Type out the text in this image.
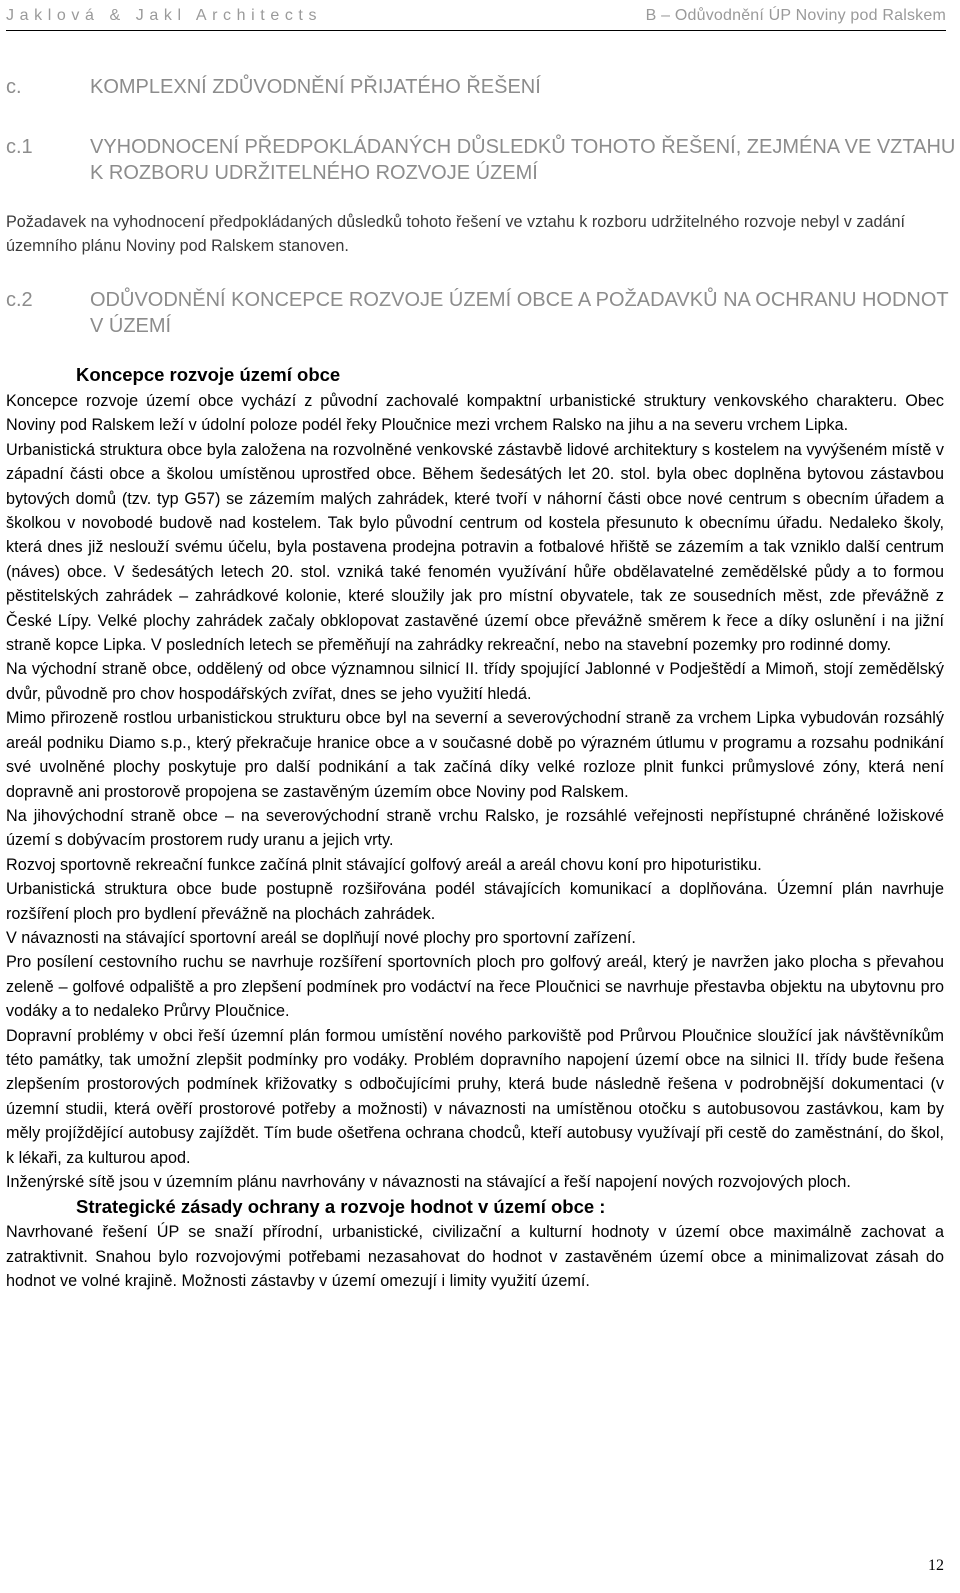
Jaklová & Jakl Architects	B – Odůvodnění ÚP Noviny pod Ralskem
c.	KOMPLEXNÍ ZDŮVODNĚNÍ PŘIJATÉHO ŘEŠENÍ
c.1	VYHODNOCENÍ PŘEDPOKLÁDANÝCH DŮSLEDKŮ TOHOTO ŘEŠENÍ, ZEJMÉNA VE VZTAHU K ROZBORU UDRŽITELNÉHO ROZVOJE ÚZEMÍ
Požadavek na vyhodnocení předpokládaných důsledků tohoto řešení ve vztahu k rozboru udržitelného rozvoje nebyl v zadání územního plánu Noviny pod Ralskem stanoven.
c.2	ODŮVODNĚNÍ KONCEPCE ROZVOJE ÚZEMÍ OBCE A POŽADAVKŮ NA OCHRANU HODNOT V ÚZEMÍ
Koncepce rozvoje území obce

Koncepce rozvoje území obce vychází z původní zachovalé kompaktní urbanistické struktury venkovského charakteru. Obec Noviny pod Ralskem leží v údolní poloze podél řeky Ploučnice mezi vrchem Ralsko na jihu a na severu vrchem Lipka.

Urbanistická struktura obce byla založena na rozvolněné venkovské zástavbě lidové architektury s kostelem na vyvýšeném místě v západní části obce a školou umístěnou uprostřed obce. Během šedesátých let 20. stol. byla obec doplněna bytovou zástavbou bytových domů (tzv. typ G57) se zázemím malých zahrádek, které tvoří v náhorní části obce nové centrum s obecním úřadem a školkou v novobodé budově nad kostelem. Tak bylo původní centrum od kostela přesunuto k obecnímu úřadu. Nedaleko školy, která dnes již neslouží svému účelu, byla postavena prodejna potravin a fotbalové hřiště se zázemím a tak vzniklo další centrum (náves) obce. V šedesátých letech 20. stol. vzniká také fenomén využívání hůře obdělavatelné zemědělské půdy a to formou pěstitelských zahrádek – zahrádkové kolonie, které sloužily jak pro místní obyvatele, tak ze sousedních měst, zde převážně z České Lípy. Velké plochy zahrádek začaly obklopovat zastavěné území obce převážně směrem k řece a díky oslunění i na jižní straně kopce Lipka. V posledních letech se přeměňují na zahrádky rekreační, nebo na stavební pozemky pro rodinné domy.

Na východní straně obce, oddělený od obce významnou silnicí II. třídy spojující Jablonné v Podještědí a Mimoň, stojí zemědělský dvůr, původně pro chov hospodářských zvířat, dnes se jeho využití hledá.

Mimo přirozeně rostlou urbanistickou strukturu obce byl na severní a severovýchodní straně za vrchem Lipka vybudován rozsáhlý areál podniku Diamo s.p., který překračuje hranice obce a v současné době po výrazném útlumu v programu a rozsahu podnikání své uvolněné plochy poskytuje pro další podnikání a tak začíná díky velké rozloze plnit funkci průmyslové zóny, která není dopravně ani prostorově propojena se zastavěným územím obce Noviny pod Ralskem.

Na jihovýchodní straně obce – na severovýchodní straně vrchu Ralsko, je rozsáhlé veřejnosti nepřístupné chráněné ložiskové území s dobývacím prostorem rudy uranu a jejich vrty.

Rozvoj sportovně rekreační funkce začíná plnit stávající golfový areál a areál chovu koní pro hipoturistiku.

Urbanistická struktura obce bude postupně rozšiřována podél stávajících komunikací a doplňována. Územní plán navrhuje rozšíření ploch pro bydlení převážně na plochách zahrádek.

V návaznosti na stávající sportovní areál se doplňují nové plochy pro sportovní zařízení.

Pro posílení cestovního ruchu se navrhuje rozšíření sportovních ploch pro golfový areál, který je navržen jako plocha s převahou zeleně – golfové odpaliště a pro zlepšení podmínek pro vodáctví na řece Ploučnici se navrhuje přestavba objektu na ubytovnu pro vodáky a to nedaleko Průrvy Ploučnice.

Dopravní problémy v obci řeší územní plán formou umístění nového parkoviště pod Průrvou Ploučnice sloužící jak návštěvníkům této památky, tak umožní zlepšit podmínky pro vodáky. Problém dopravního napojení území obce na silnici II. třídy bude řešena zlepšením prostorových podmínek křižovatky s odbočujícími pruhy, která bude následně řešena v podrobnější dokumentaci (v územní studii, která ověří prostorové potřeby a možnosti) v návaznosti na umístěnou otočku s autobusovou zastávkou, kam by měly projíždějící autobusy zajíždět. Tím bude ošetřena ochrana chodců, kteří autobusy využívají při cestě do zaměstnání, do škol, k lékaři, za kulturou apod.

Inženýrské sítě jsou v územním plánu navrhovány v návaznosti na stávající a řeší napojení nových rozvojových ploch.

Strategické zásady ochrany a rozvoje hodnot v území obce :

Navrhované řešení ÚP se snaží přírodní, urbanistické, civilizační a kulturní hodnoty v území obce maximálně zachovat a zatraktivnit. Snahou bylo rozvojovými potřebami nezasahovat do hodnot v zastavěném území obce a minimalizovat zásah do hodnot ve volné krajině. Možnosti zástavby v území omezují i limity využití území.

12
